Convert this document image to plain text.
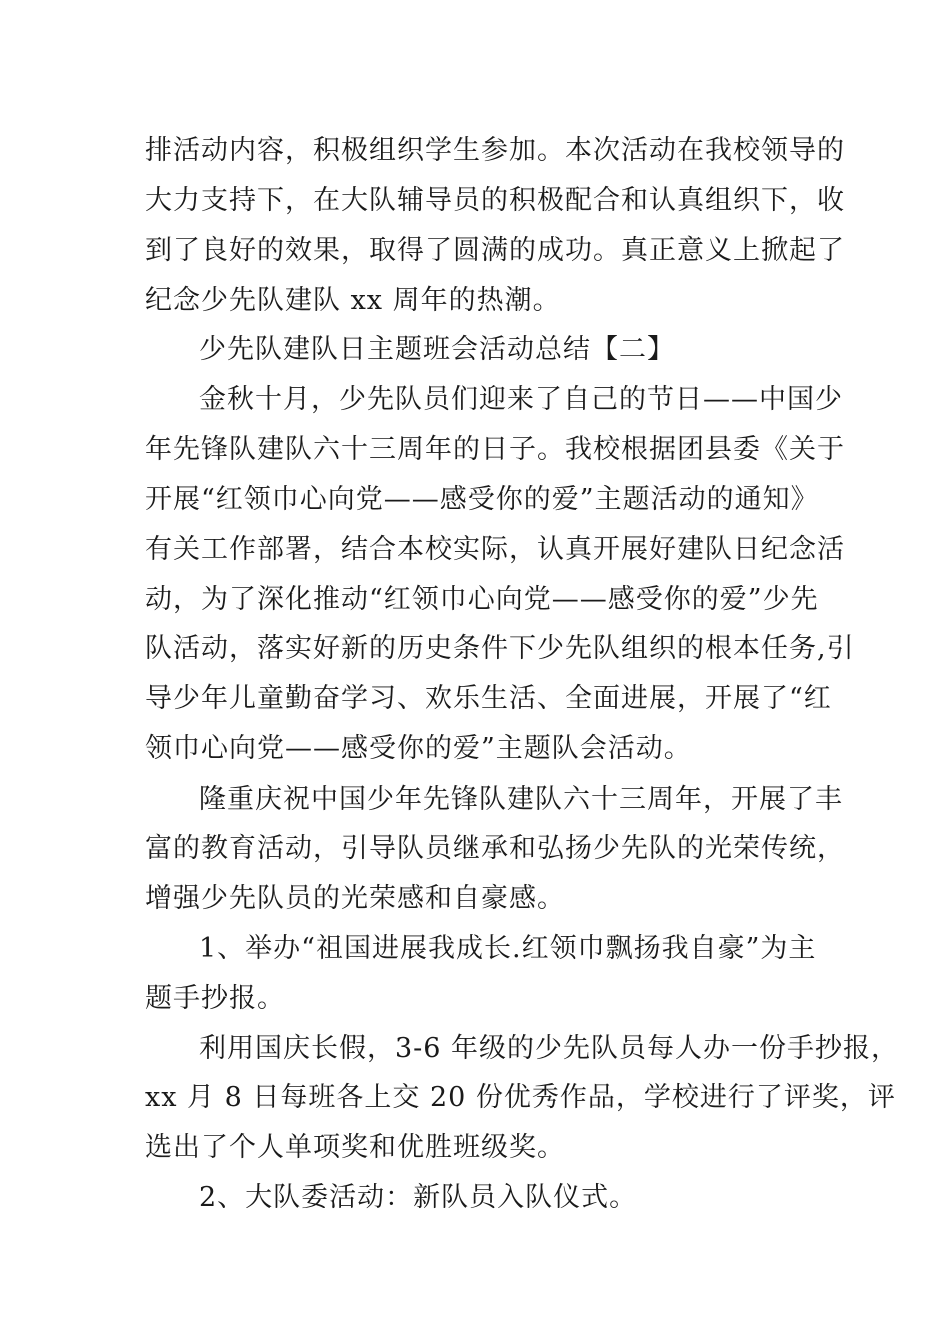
排活动内容，积极组织学生参加。本次活动在我校领导的
大力支持下，在大队辅导员的积极配合和认真组织下，收
到了良好的效果，取得了圆满的成功。真正意义上掀起了
纪念少先队建队 xx 周年的热潮。
少先队建队日主题班会活动总结【二】
金秋十月，少先队员们迎来了自己的节日——中国少
年先锋队建队六十三周年的日子。我校根据团县委《关于
开展“红领巾心向党——感受你的爱”主题活动的通知》
有关工作部署，结合本校实际，认真开展好建队日纪念活
动，为了深化推动“红领巾心向党——感受你的爱”少先
队活动，落实好新的历史条件下少先队组织的根本任务,引
导少年儿童勤奋学习、欢乐生活、全面进展，开展了“红
领巾心向党——感受你的爱”主题队会活动。
隆重庆祝中国少年先锋队建队六十三周年，开展了丰
富的教育活动，引导队员继承和弘扬少先队的光荣传统，
增强少先队员的光荣感和自豪感。
1、举办“祖国进展我成长.红领巾飘扬我自豪”为主
题手抄报。
利用国庆长假，3-6 年级的少先队员每人办一份手抄报，
xx 月 8 日每班各上交 20 份优秀作品，学校进行了评奖，评
选出了个人单项奖和优胜班级奖。
2、大队委活动：新队员入队仪式。
